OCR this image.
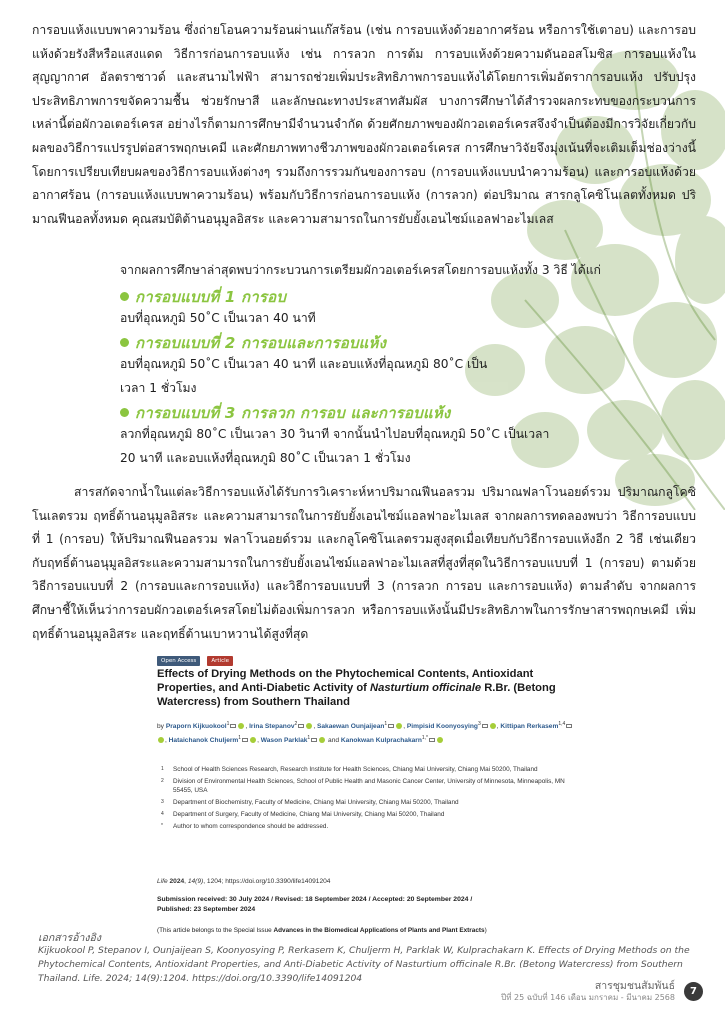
การอบแห้งแบบพาความร้อน ซึ่งถ่ายโอนความร้อนผ่านแก๊สร้อน (เช่น การอบแห้งด้วยอากาศร้อน หรือการใช้เตาอบ) และการอบแห้งด้วยรังสีหรือแสงแดด วิธีการก่อนการอบแห้ง เช่น การลวก การต้ม การอบแห้งด้วยความดันออสโมซิส การอบแห้งในสุญญากาศ อัลตราซาวด์ และสนามไฟฟ้า สามารถช่วยเพิ่มประสิทธิภาพการอบแห้งได้โดยการเพิ่มอัตราการอบแห้ง ปรับปรุงประสิทธิภาพการขจัดความชื้น ช่วยรักษาสี และลักษณะทางประสาทสัมผัส บางการศึกษาได้สำรวจผลกระทบของกระบวนการเหล่านี้ต่อผักวอเตอร์เครส อย่างไรก็ตามการศึกษามีจำนวนจำกัด ด้วยศักยภาพของผักวอเตอร์เครสจึงจำเป็นต้องมีการวิจัยเกี่ยวกับผลของวิธีการแปรรูปต่อสารพฤกษเคมี และศักยภาพทางชีวภาพของผักวอเตอร์เครส การศึกษาวิจัยจึงมุ่งเน้นที่จะเติมเต็มช่องว่างนี้โดยการเปรียบเทียบผลของวิธีการอบแห้งต่างๆ รวมถึงการรวมกันของการอบ (การอบแห้งแบบนำความร้อน) และการอบแห้งด้วยอากาศร้อน (การอบแห้งแบบพาความร้อน) พร้อมกับวิธีการก่อนการอบแห้ง (การลวก) ต่อปริมาณ สารกลูโคซิโนเลตทั้งหมด ปริมาณฟีนอลทั้งหมด คุณสมบัติต้านอนุมูลอิสระ และความสามารถในการยับยั้งเอนไซม์แอลฟาอะไมเลส

จากผลการศึกษาล่าสุดพบว่ากระบวนการเตรียมผักวอเตอร์เครสโดยการอบแห้งทั้ง 3 วิธี ได้แก่

การอบแบบที่ 1 การอบ

อบที่อุณหภูมิ 50˚C เป็นเวลา 40 นาที

การอบแบบที่ 2 การอบและการอบแห้ง

อบที่อุณหภูมิ 50˚C เป็นเวลา 40 นาที และอบแห้งที่อุณหภูมิ 80˚C เป็น เวลา 1 ชั่วโมง

การอบแบบที่ 3 การลวก การอบ และการอบแห้ง

ลวกที่อุณหภูมิ 80˚C เป็นเวลา 30 วินาที จากนั้นนำไปอบที่อุณหภูมิ 50˚C เป็นเวลา 20 นาที และอบแห้งที่อุณหภูมิ 80˚C เป็นเวลา 1 ชั่วโมง

สารสกัดจากน้ำในแต่ละวิธีการอบแห้งได้รับการวิเคราะห์หาปริมาณฟีนอลรวม ปริมาณฟลาโวนอยด์รวม ปริมาณกลูโคซิโนเลตรวม ฤทธิ์ต้านอนุมูลอิสระ และความสามารถในการยับยั้งเอนไซม์แอลฟาอะไมเลส จากผลการทดลองพบว่า วิธีการอบแบบที่ 1 (การอบ) ให้ปริมาณฟีนอลรวม ฟลาโวนอยด์รวม และกลูโคซิโนเลตรวมสูงสุดเมื่อเทียบกับวิธีการอบแห้งอีก 2 วิธี เช่นเดียวกับฤทธิ์ต้านอนุมูลอิสระและความสามารถในการยับยั้งเอนไซม์แอลฟาอะไมเลสที่สูงที่สุดในวิธีการอบแบบที่ 1 (การอบ) ตามด้วยวิธีการอบแบบที่ 2 (การอบและการอบแห้ง) และวิธีการอบแบบที่ 3 (การลวก การอบ และการอบแห้ง) ตามลำดับ จากผลการศึกษาชี้ให้เห็นว่าการอบผักวอเตอร์เครสโดยไม่ต้องเพิ่มการลวก หรือการอบแห้งนั้นมีประสิทธิภาพในการรักษาสารพฤกษเคมี เพิ่มฤทธิ์ต้านอนุมูลอิสระ และฤทธิ์ต้านเบาหวานได้สูงที่สุด

Open Access	Article

Effects of Drying Methods on the Phytochemical Contents, Antioxidant Properties, and Anti-Diabetic Activity of Nasturtium officinale R.Br. (Betong Watercress) from Southern Thailand

by Praporn Kijkuokool$^1$ , Irina Stepanov$^2$ , Sakaewan Ounjaijean$^1$ , Pimpisid Koonyosying$^3$ , Kittipan Rerkasem$^{1,4}$, Hataichanok Chuljerm$^1$ , Wason Parklak$^1$	and Kanokwan Kulprachakarn$^{1,*}$

1 School of Health Sciences Research, Research Institute for Health Sciences, Chiang Mai University, Chiang Mai 50200, Thailand
2 Division of Environmental Health Sciences, School of Public Health and Masonic Cancer Center, University of Minnesota, Minneapolis, MN 55455, USA
3 Department of Biochemistry, Faculty of Medicine, Chiang Mai University, Chiang Mai 50200, Thailand
4 Department of Surgery, Faculty of Medicine, Chiang Mai University, Chiang Mai 50200, Thailand
* Author to whom correspondence should be addressed.

Life 2024, 14(9), 1204; https://doi.org/10.3390/life14091204

Submission received: 30 July 2024 / Revised: 18 September 2024 / Accepted: 20 September 2024 /
Published: 23 September 2024

(This article belongs to the Special Issue Advances in the Biomedical Applications of Plants and Plant Extracts)

เอกสารอ้างอิง

Kijkuokool P, Stepanov I, Ounjaijean S, Koonyosying P, Rerkasem K, Chuljerm H, Parklak W, Kulprachakarn K. Effects of Drying Methods on the Phytochemical Contents, Antioxidant Properties, and Anti-Diabetic Activity of Nasturtium officinale R.Br. (Betong Watercress) from Southern Thailand. Life. 2024; 14(9):1204. https://doi.org/10.3390/life14091204

สารชุมชนสัมพันธ์

ปีที่ 25 ฉบับที่ 146 เดือน มกราคม - มีนาคม 2568

7
